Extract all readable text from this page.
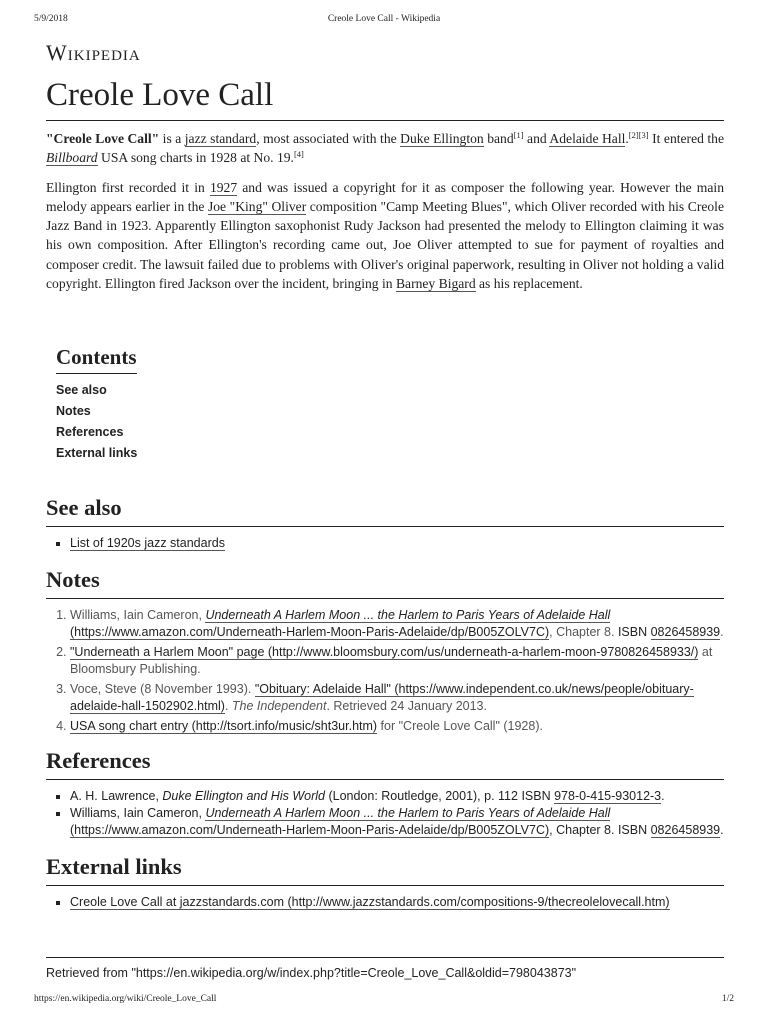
5/9/2018	Creole Love Call - Wikipedia
Wikipedia
Creole Love Call

"Creole Love Call" is a jazz standard, most associated with the Duke Ellington band[1] and Adelaide Hall.[2][3] It entered the Billboard USA song charts in 1928 at No. 19.[4]

Ellington first recorded it in 1927 and was issued a copyright for it as composer the following year. However the main melody appears earlier in the Joe "King" Oliver composition "Camp Meeting Blues", which Oliver recorded with his Creole Jazz Band in 1923. Apparently Ellington saxophonist Rudy Jackson had presented the melody to Ellington claiming it was his own composition. After Ellington's recording came out, Joe Oliver attempted to sue for payment of royalties and composer credit. The lawsuit failed due to problems with Oliver's original paperwork, resulting in Oliver not holding a valid copyright. Ellington fired Jackson over the incident, bringing in Barney Bigard as his replacement.

Contents
See also
Notes
References
External links
See also
▪ List of 1920s jazz standards
Notes
1. Williams, Iain Cameron, Underneath A Harlem Moon ... the Harlem to Paris Years of Adelaide Hall (https://www.amazon.com/Underneath-Harlem-Moon-Paris-Adelaide/dp/B005ZOLV7C), Chapter 8. ISBN 0826458939.
2. "Underneath a Harlem Moon" page (http://www.bloomsbury.com/us/underneath-a-harlem-moon-9780826458933/) at Bloomsbury Publishing.
3. Voce, Steve (8 November 1993). "Obituary: Adelaide Hall" (https://www.independent.co.uk/news/people/obituary-adelaide-hall-1502902.html). The Independent. Retrieved 24 January 2013.
4. USA song chart entry (http://tsort.info/music/sht3ur.htm) for "Creole Love Call" (1928).
References
▪ A. H. Lawrence, Duke Ellington and His World (London: Routledge, 2001), p. 112 ISBN 978-0-415-93012-3.
▪ Williams, Iain Cameron, Underneath A Harlem Moon ... the Harlem to Paris Years of Adelaide Hall (https://www.amazon.com/Underneath-Harlem-Moon-Paris-Adelaide/dp/B005ZOLV7C), Chapter 8. ISBN 0826458939.
External links
▪ Creole Love Call at jazzstandards.com (http://www.jazzstandards.com/compositions-9/thecreolelovecall.htm)
Retrieved from "https://en.wikipedia.org/w/index.php?title=Creole_Love_Call&oldid=798043873"
https://en.wikipedia.org/wiki/Creole_Love_Call	1/2
